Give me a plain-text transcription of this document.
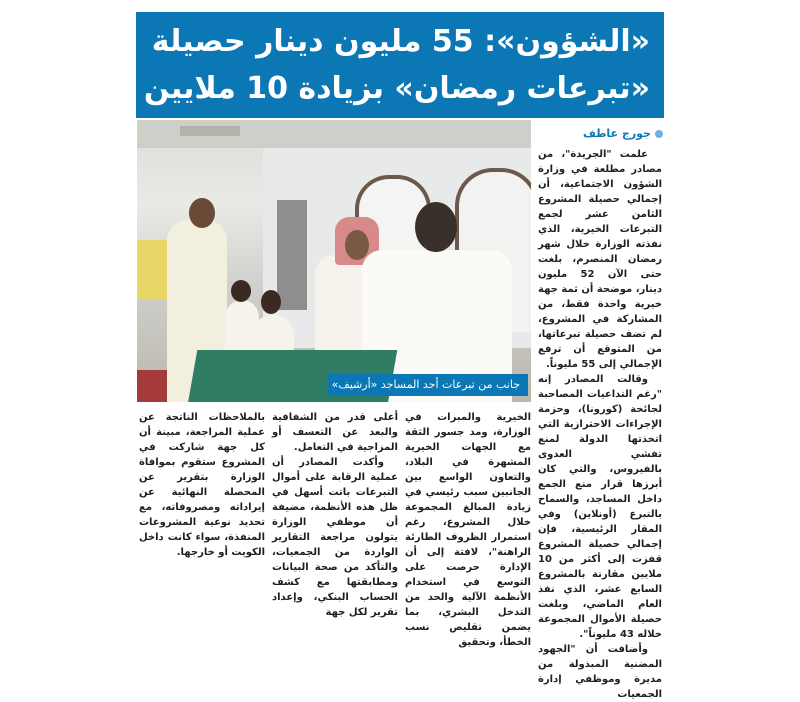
«الشؤون»: 55 مليون دينار حصيلة
«تبرعات رمضان» بزيادة 10 ملايين
جانب من تبرعات أحد المساجد «أرشيف»
جورج عاطف

علمت "الجريدة"، من مصادر مطلعة في وزارة الشؤون الاجتماعية، أن إجمالي حصيلة المشروع الثامن عشر لجمع التبرعات الخيرية، الذي نفذته الوزارة خلال شهر رمضان المنصرم، بلغت حتى الآن 52 مليون دينار، موضحة أن ثمة جهة خيرية واحدة فقط، من المشاركة في المشروع، لم تضف حصيلة تبرعاتها، من المتوقع أن ترفع الإجمالي إلى 55 مليوناً.

وقالت المصادر إنه "رغم التداعيات المصاحبة لجائحة (كورونا)، وحزمة الإجراءات الاحترازية التي اتخذتها الدولة لمنع تفشي العدوى بالفيروس، والتي كان أبرزها قرار منع الجمع داخل المساجد، والسماح بالتبرع (أونلاين) وفي المقار الرئيسية، فإن إجمالي حصيلة المشروع قفزت إلى أكثر من 10 ملايين مقارنة بالمشروع السابع عشر، الذي نفذ العام الماضي، وبلغت حصيلة الأموال المجموعة خلاله 43 مليوناً".

وأضافت أن "الجهود المضنية المبذولة من مديرة وموظفي إدارة الجمعيات

الخيرية والمبرات في الوزارة، ومد جسور الثقة مع الجهات الخيرية المشهرة في البلاد، والتعاون الواسع بين الجانبين سبب رئيسي في زيادة المبالغ المجموعة خلال المشروع، رغم استمرار الظروف الطارئة الراهنة"، لافتة إلى أن الإدارة حرصت على التوسع في استخدام الأنظمة الآلية والحد من التدخل البشري، بما يضمن تقليص نسب الخطأ، وتحقيق

أعلى قدر من الشفافية والبعد عن التعسف أو المزاجية في التعامل.

وأكدت المصادر أن عملية الرقابة على أموال التبرعات باتت أسهل في ظل هذه الأنظمة، مضيفة أن موظفي الوزارة يتولون مراجعة التقارير الواردة من الجمعيات، والتأكد من صحة البيانات ومطابقتها مع كشف الحساب البنكي، وإعداد تقرير لكل جهة

بالملاحظات الناتجة عن عملية المراجعة، مبينة أن كل جهة شاركت في المشروع ستقوم بموافاة الوزارة بتقرير عن المحصلة النهائية عن إيراداته ومصروفاته، مع تحديد نوعية المشروعات المنفذة، سواء كانت داخل الكويت أو خارجها.
